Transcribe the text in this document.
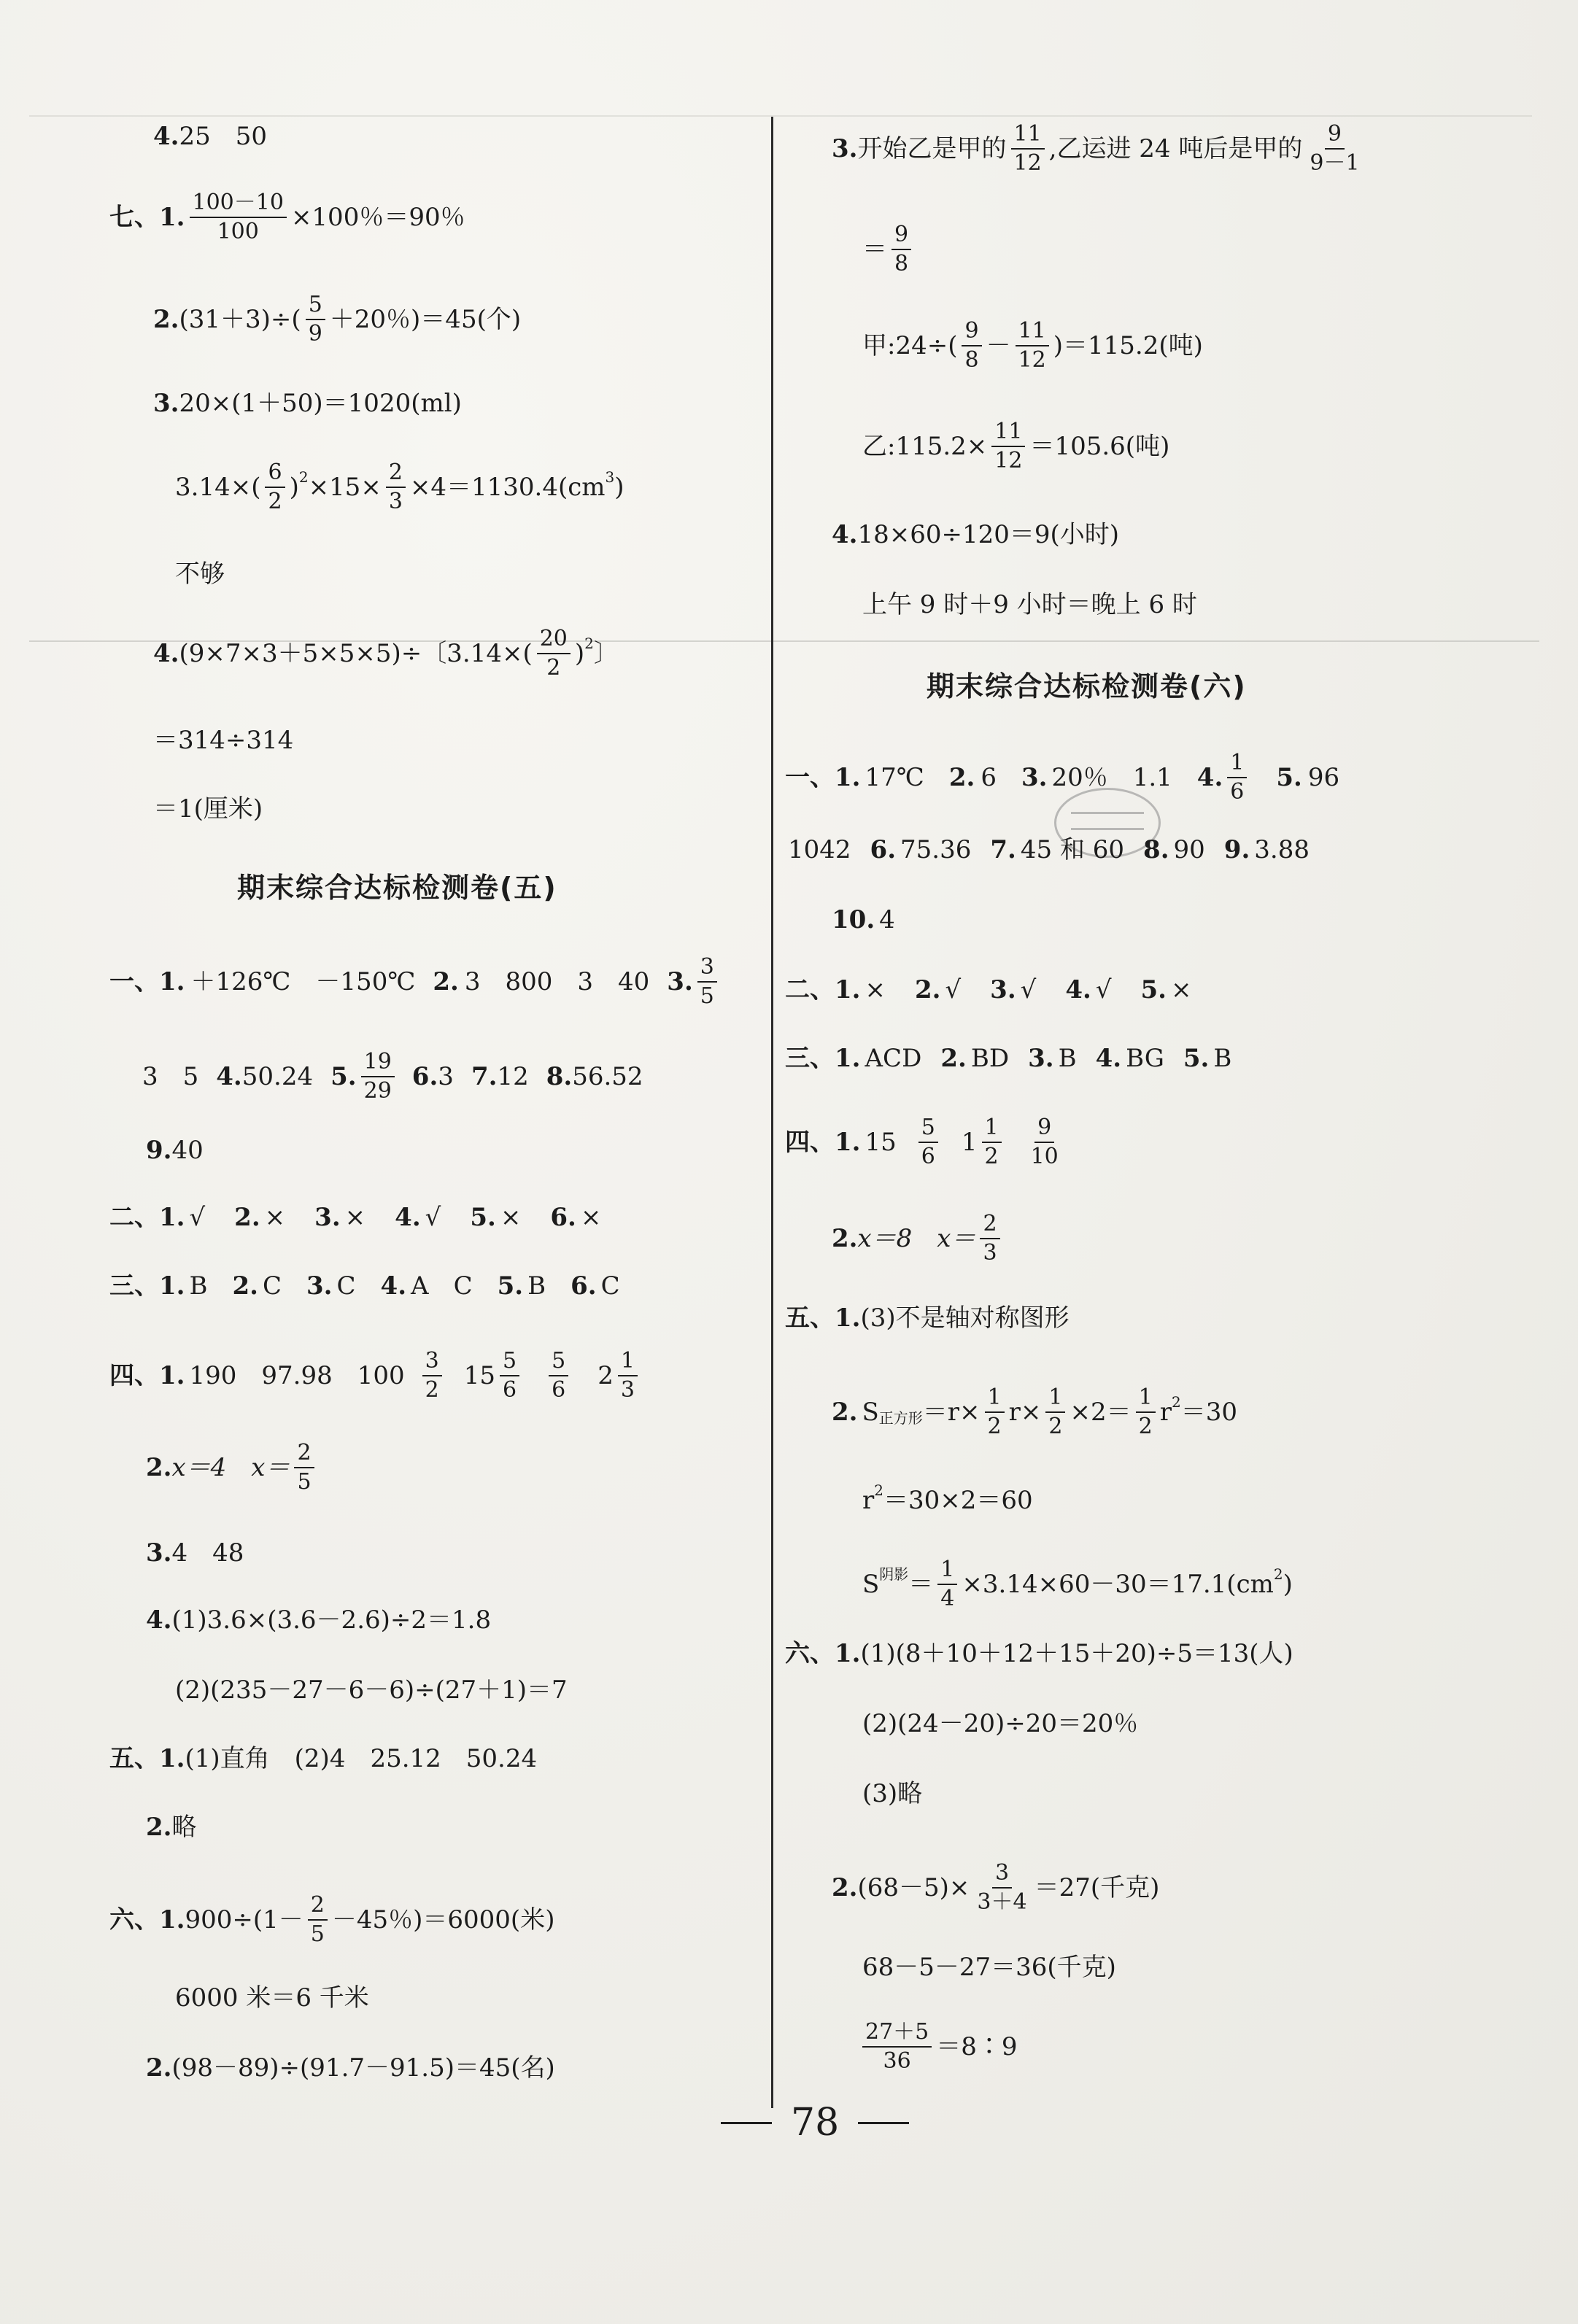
4. 25　50
七、1. $\frac{100-10}{100} \times 100$％＝90％
2. $(31+3)\div( \frac{5}{9} +20$％)＝45(个)
3. 20×(1＋50)＝1020(ml)
$3.14\times( \frac{6}{2}$ ) $2 \times 15\times \frac{2}{3} \times 4=1130.4(cm$ 3 )
不够
4. (9×7×3＋5×5×5)÷〔$3.14\times( \frac{20}{2}$ ) 2 〕
＝314÷314
＝1(厘米)
期末综合达标检测卷(五)
一、1. ＋126℃　－150℃ 2. 3　800　3　40 3. $\frac{3}{5}$
3　5 4. 50.24 5. $\frac{19}{29} 6$. 3 7. 12 8. 56.52
9. 40
二、1. √ 2. × 3. × 4. √ 5. × 6. ×
三、1. B 2. C 3. C 4. A　C 5. B 6. C
四、1. 190　97.98　$100 \frac{3}{2} 15 \frac{5}{6} \frac{5}{6} 2 \frac{1}{3}$
2. x＝4　$x= \frac{2}{5}$
3. 4　48
4. (1)3.6×(3.6－2.6)÷2＝1.8
(2)(235－27－6－6)÷(27＋1)＝7
五、1. (1)直角　(2)4　25.12　50.24
2. 略
六、1. $900\div(1- \frac{2}{5} -45$％)＝6000(米)
6000 米＝6 千米
2. (98－89)÷(91.7－91.5)＝45(名)
3. 开始乙是甲的 $\frac{11}{12}$ ,乙运进 24 吨后是甲的 $\frac{9}{9-1}$
＝ $\frac{9}{8}$
甲:24÷( $\frac{9}{8} - \frac{11}{12} )=115.2$(吨)
乙:115.2× $\frac{11}{12} =105.6$(吨)
4. 18×60÷120＝9(小时)
上午 9 时＋9 小时＝晚上 6 时
期末综合达标检测卷(六)
一、1. 17℃ 2. 6 3. 20％　1.1 4. $\frac{1}{6} 5$. 96
1042 6. 75.36 7. 45 和 60 8. 90 9. 3.88
10. 4
二、1. × 2. √ 3. √ 4. √ 5. ×
三、1. ACD 2. BD 3. B 4. BG 5. B
四、1. $15 \frac{5}{6} 1 \frac{1}{2} \frac{9}{10}$
2. x＝8　$x= \frac{2}{3}$
五、1. (3)不是轴对称图形
2. S 正方形 $=r\times \frac{1}{2} r\times \frac{1}{2} \times 2= \frac{1}{2}$ r 2 ＝30
r 2 ＝30×2＝60
S 阴影 ＝ $\frac{1}{4} \times 3.14\times 60-30=17.1(cm$ 2 )
六、1. (1)(8＋10＋12＋15＋20)÷5＝13(人)
(2)(24－20)÷20＝20％
(3)略
2. $(68-5)\times \frac{3}{3+4} =27$(千克)
68－5－27＝36(千克)
$\frac{27+5}{36}$ ＝8∶9
78
